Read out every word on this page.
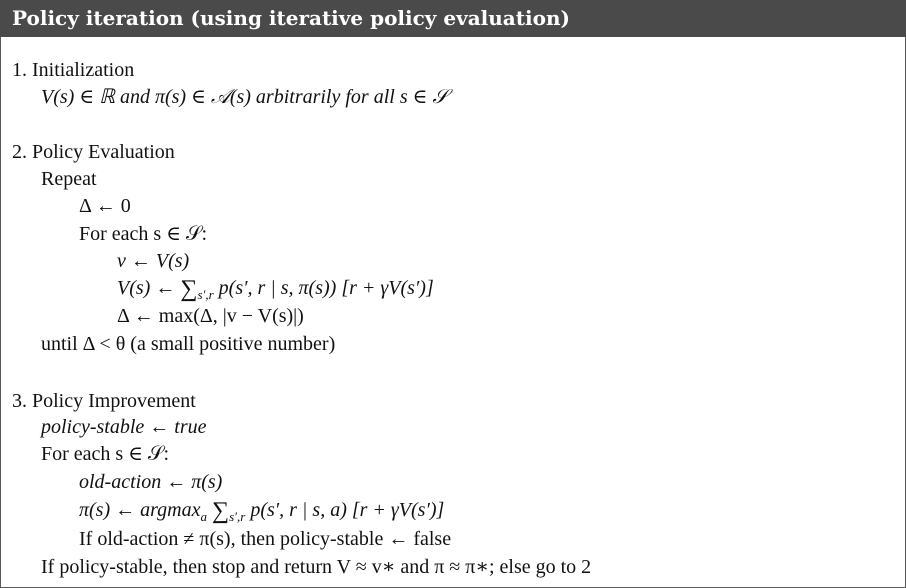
Policy iteration (using iterative policy evaluation)
1. Initialization
V(s) ∈ ℝ and π(s) ∈ 𝒜(s) arbitrarily for all s ∈ 𝒮
2. Policy Evaluation
Repeat
Δ ← 0
For each s ∈ 𝒮:
v ← V(s)
V(s) ← $\sum_{s',r}$ p(s′, r | s, π(s)) [r + γV(s′)]
Δ ← max(Δ, |v − V(s)|)
until Δ < θ (a small positive number)
3. Policy Improvement
policy-stable ← true
For each s ∈ 𝒮:
old-action ← π(s)
π(s) ← argmax$_a$ $\sum_{s',r}$ p(s′, r | s, a) [r + γV(s′)]
If old-action ≠ π(s), then policy-stable ← false
If policy-stable, then stop and return V ≈ v∗ and π ≈ π∗; else go to 2
